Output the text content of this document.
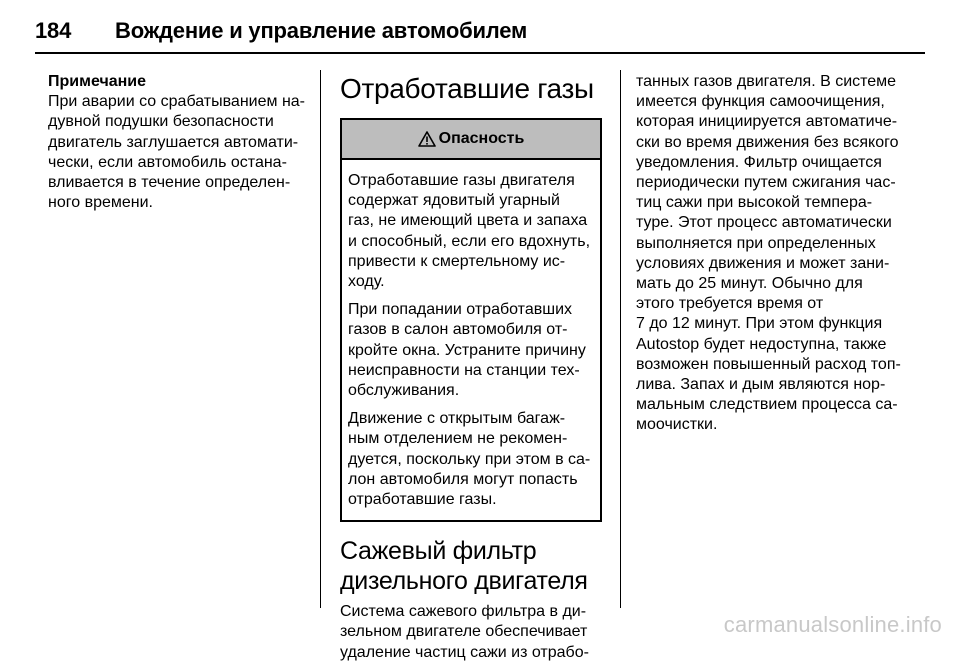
184	Вождение и управление автомобилем
Примечание
При аварии со срабатыванием на-
дувной подушки безопасности
двигатель заглушается автомати-
чески, если автомобиль останa-
вливается в течение определен-
ного времени.
Отработавшие газы
Опасность

Отработавшие газы двигателя
содержат ядовитый угарный
газ, не имеющий цвета и запаха
и способный, если его вдохнуть,
привести к смертельному ис-
ходу.

При попадании отработавших
газов в салон автомобиля от-
кройте окна. Устраните причину
неисправности на станции тех-
обслуживания.

Движение с открытым багаж-
ным отделением не рекомен-
дуется, поскольку при этом в са-
лон автомобиля могут попасть
отработавшие газы.

Сажевый фильтр
дизельного двигателя
Система сажевого фильтра в ди-
зельном двигателе обеспечивает
удаление частиц сажи из отрабо-
танных газов двигателя. В системе
имеется функция самоочищения,
которая инициируется автоматиче-
ски во время движения без всякого
уведомления. Фильтр очищается
периодически путем сжигания час-
тиц сажи при высокой темпера-
туре. Этот процесс автоматически
выполняется при определенных
условиях движения и может зани-
мать до 25 минут. Обычно для
этого требуется время от
7 до 12 минут. При этом функция
Autostop будет недоступна, также
возможен повышенный расход топ-
лива. Запах и дым являются нор-
мальным следствием процесса са-
моочистки.
carmanualsonline.info
